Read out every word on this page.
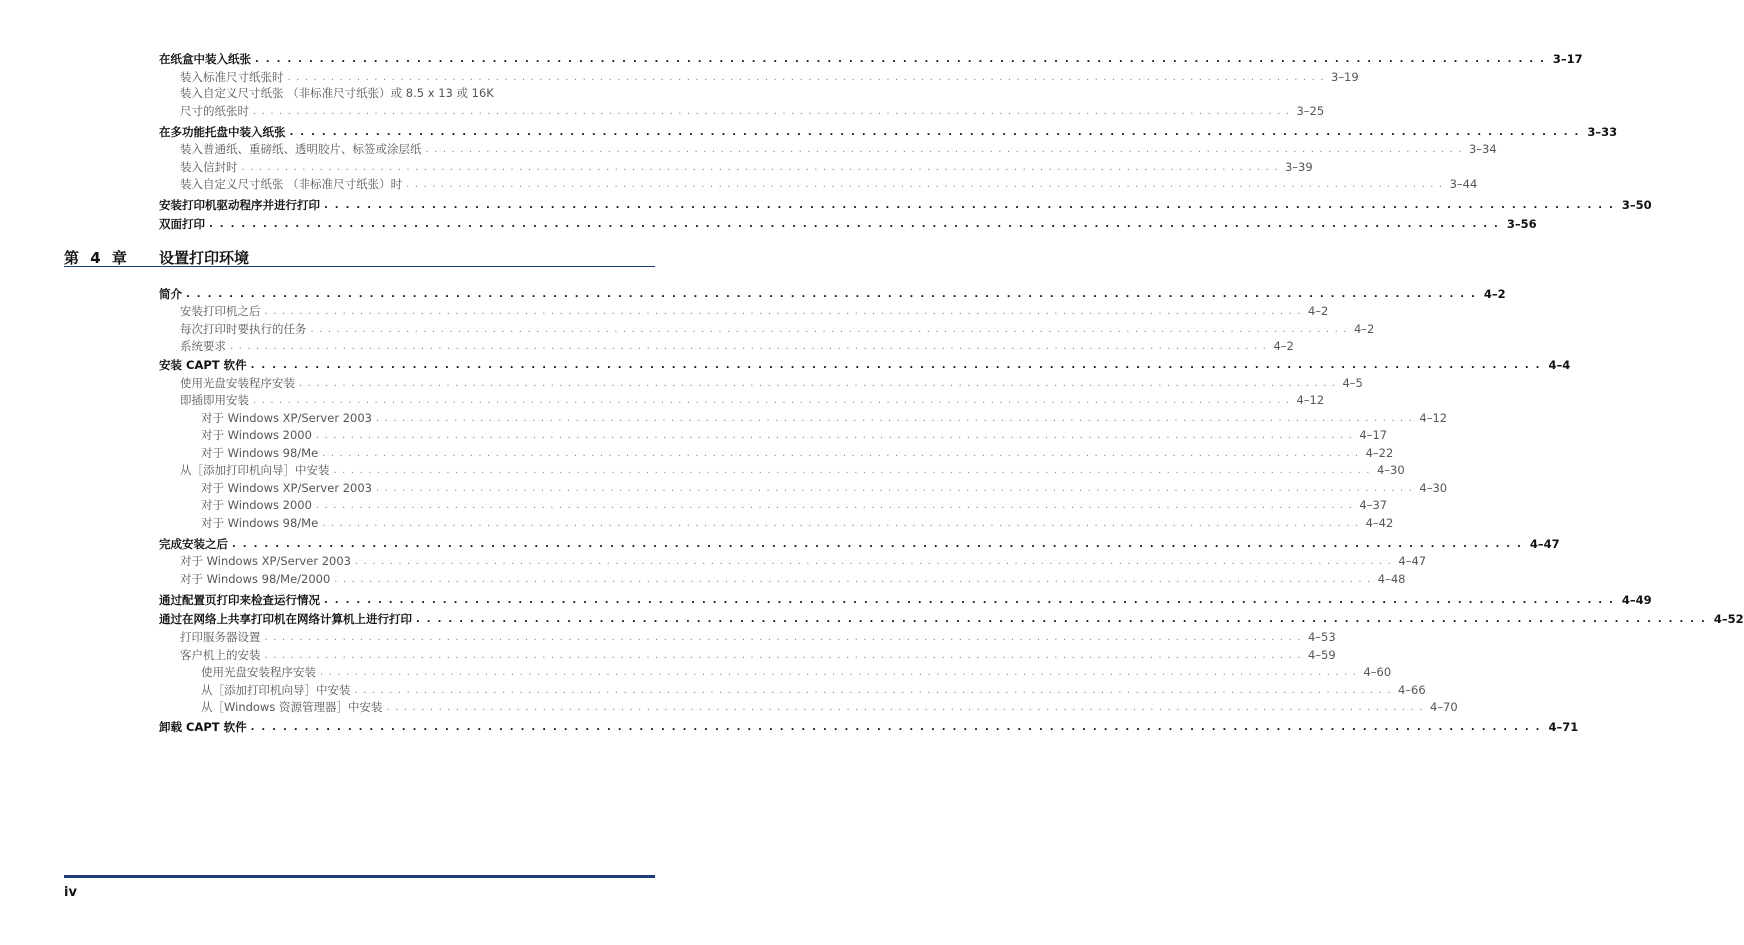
在纸盒中装入纸张 ........................................................................................................................ 3–17
装入标准尺寸纸张时 ........................................................................................................................ 3–19
装入自定义尺寸纸张 （非标准尺寸纸张）或 8.5 x 13 或 16K
尺寸的纸张时 ........................................................................................................................ 3–25
在多功能托盘中装入纸张 ........................................................................................................................ 3–33
装入普通纸、重磅纸、透明胶片、标签或涂层纸 ........................................................................................................................ 3–34
装入信封时 ........................................................................................................................ 3–39
装入自定义尺寸纸张 （非标准尺寸纸张）时 ........................................................................................................................ 3–44
安装打印机驱动程序并进行打印 ........................................................................................................................ 3–50
双面打印 ........................................................................................................................ 3–56
第 4 章 设置打印环境
简介 ........................................................................................................................ 4–2
安装打印机之后 ........................................................................................................................ 4–2
每次打印时要执行的任务 ........................................................................................................................ 4–2
系统要求 ........................................................................................................................ 4–2
安装 CAPT 软件 ........................................................................................................................ 4–4
使用光盘安装程序安装 ........................................................................................................................ 4–5
即插即用安装 ........................................................................................................................ 4–12
对于 Windows XP/Server 2003 ........................................................................................................................ 4–12
对于 Windows 2000 ........................................................................................................................ 4–17
对于 Windows 98/Me ........................................................................................................................ 4–22
从［添加打印机向导］中安装 ........................................................................................................................ 4–30
对于 Windows XP/Server 2003 ........................................................................................................................ 4–30
对于 Windows 2000 ........................................................................................................................ 4–37
对于 Windows 98/Me ........................................................................................................................ 4–42
完成安装之后 ........................................................................................................................ 4–47
对于 Windows XP/Server 2003 ........................................................................................................................ 4–47
对于 Windows 98/Me/2000 ........................................................................................................................ 4–48
通过配置页打印来检查运行情况 ........................................................................................................................ 4–49
通过在网络上共享打印机在网络计算机上进行打印 ........................................................................................................................ 4–52
打印服务器设置 ........................................................................................................................ 4–53
客户机上的安装 ........................................................................................................................ 4–59
使用光盘安装程序安装 ........................................................................................................................ 4–60
从［添加打印机向导］中安装 ........................................................................................................................ 4–66
从［Windows 资源管理器］中安装 ........................................................................................................................ 4–70
卸载 CAPT 软件 ........................................................................................................................ 4–71
iv
